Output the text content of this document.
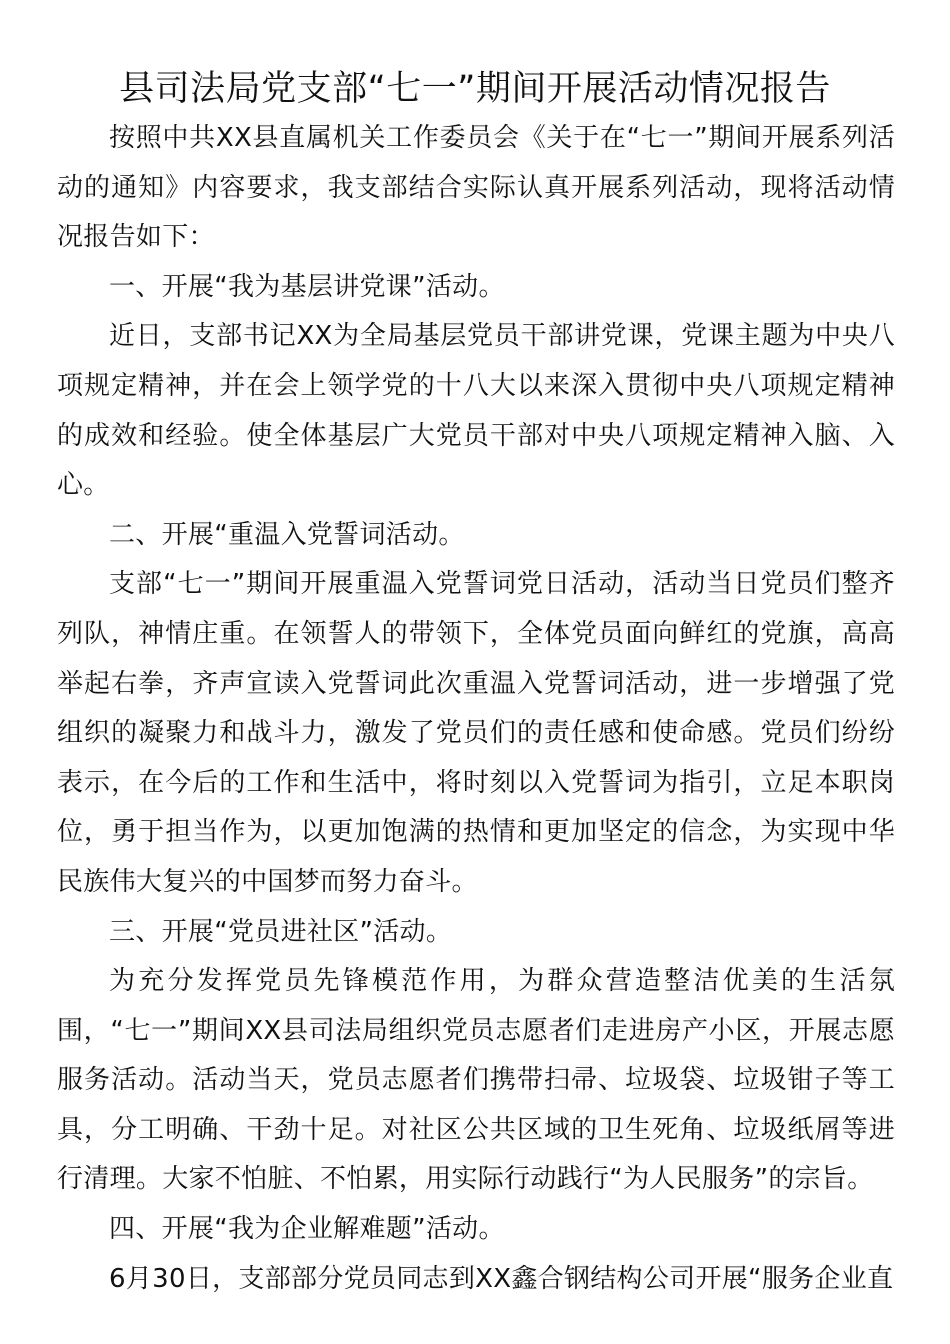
县司法局党支部“七一”期间开展活动情况报告

按照中共XX县直属机关工作委员会《关于在“七一”期间开展系列活动的通知》内容要求，我支部结合实际认真开展系列活动，现将活动情况报告如下：

一、开展“我为基层讲党课”活动。

近日，支部书记XX为全局基层党员干部讲党课，党课主题为中央八项规定精神，并在会上领学党的十八大以来深入贯彻中央八项规定精神的成效和经验。使全体基层广大党员干部对中央八项规定精神入脑、入心。

二、开展“重温入党誓词活动。

支部“七一”期间开展重温入党誓词党日活动，活动当日党员们整齐列队，神情庄重。在领誓人的带领下，全体党员面向鲜红的党旗，高高举起右拳，齐声宣读入党誓词此次重温入党誓词活动，进一步增强了党组织的凝聚力和战斗力，激发了党员们的责任感和使命感。党员们纷纷表示，在今后的工作和生活中，将时刻以入党誓词为指引，立足本职岗位，勇于担当作为，以更加饱满的热情和更加坚定的信念，为实现中华民族伟大复兴的中国梦而努力奋斗。

三、开展“党员进社区”活动。

为充分发挥党员先锋模范作用，为群众营造整洁优美的生活氛围，“七一”期间XX县司法局组织党员志愿者们走进房产小区，开展志愿服务活动。活动当天，党员志愿者们携带扫帚、垃圾袋、垃圾钳子等工具，分工明确、干劲十足。对社区公共区域的卫生死角、垃圾纸屑等进行清理。大家不怕脏、不怕累，用实际行动践行“为人民服务”的宗旨。

四、开展“我为企业解难题”活动。

6月30日，支部部分党员同志到XX鑫合钢结构公司开展“服务企业直
